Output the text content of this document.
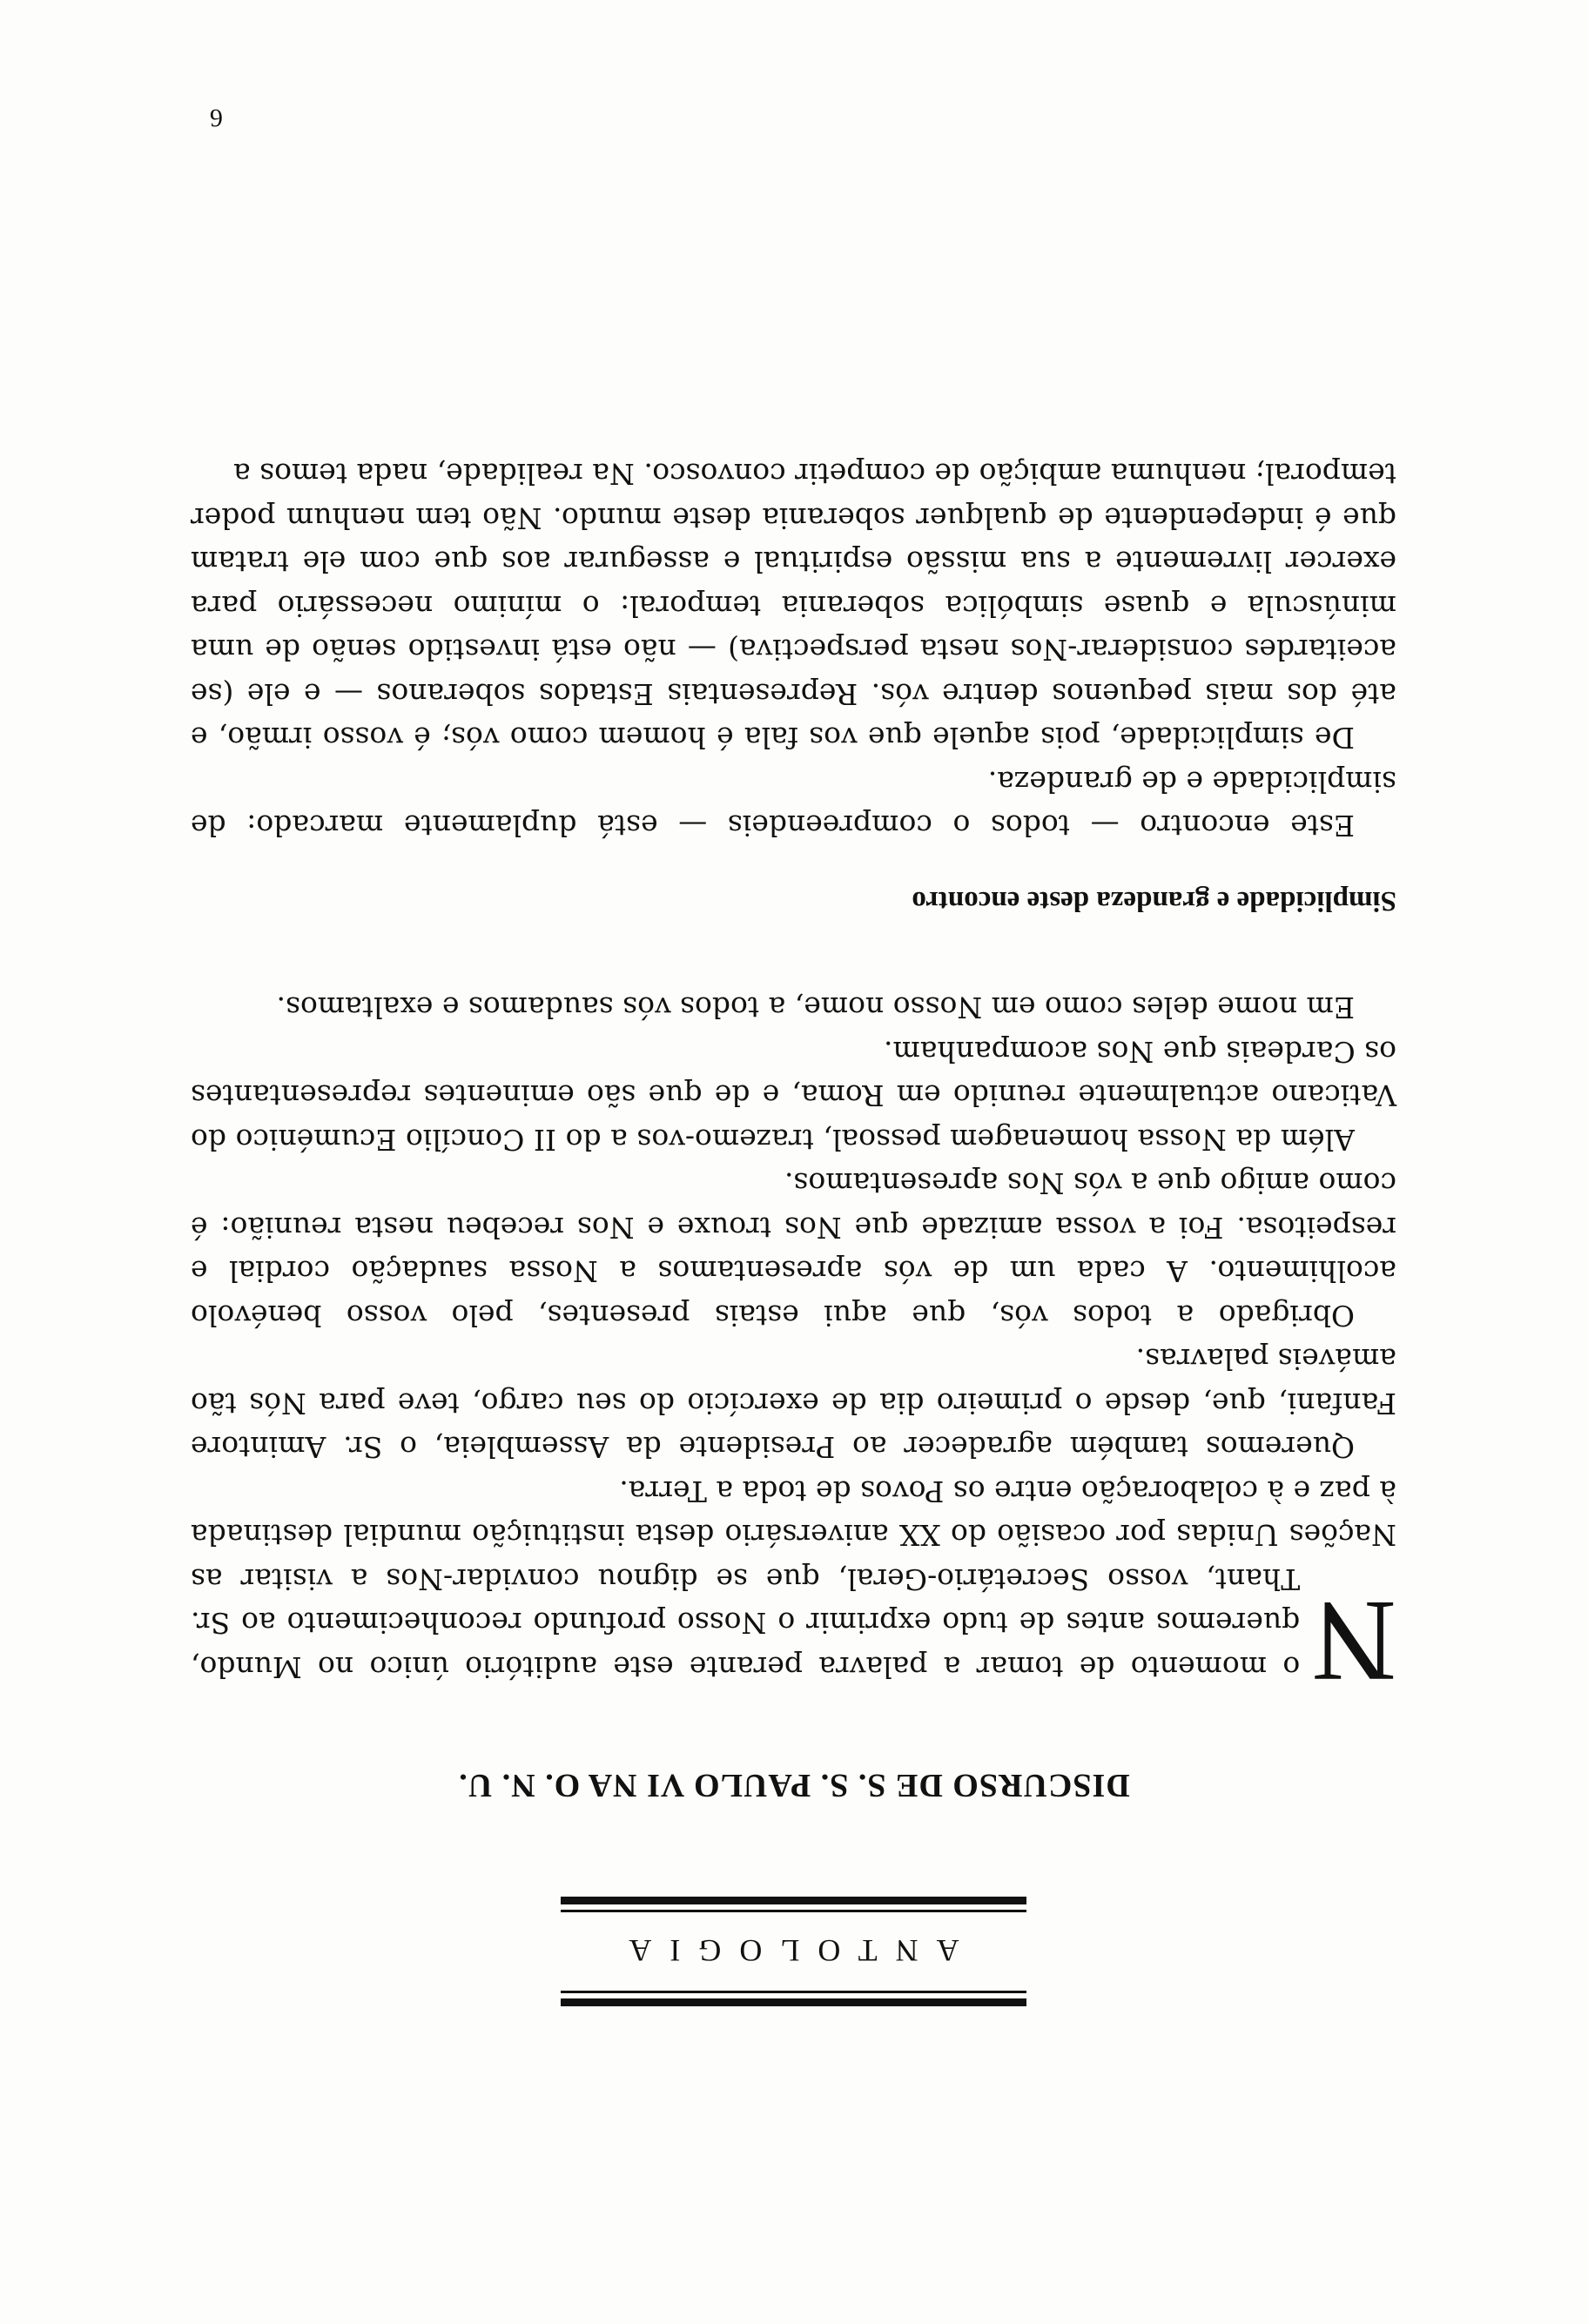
ANTOLOGIA
DISCURSO DE S. S. PAULO VI NA O. N. U.

N
o momento de tomar a palavra perante este auditório único no Mundo, queremos antes de tudo exprimir o Nosso profundo reconhecimento ao Sr. Thant, vosso Secretário-Geral, que se dignou convidar-Nos a visitar as Nações Unidas por ocasião do XX aniversário desta instituição mundial destinada à paz e à colaboração entre os Povos de toda a Terra.

Queremos também agradecer ao Presidente da Assembleia, o Sr. Amintore Fanfani, que, desde o primeiro dia de exercício do seu cargo, teve para Nós tão amáveis palavras.

Obrigado a todos vós, que aqui estais presentes, pelo vosso benévolo acolhimento. A cada um de vós apresentamos a Nossa saudação cordial e respeitosa. Foi a vossa amizade que Nos trouxe e Nos recebeu nesta reunião: é como amigo que a vós Nos apresentamos.

Além da Nossa homenagem pessoal, trazemo-vos a do II Concílio Ecuménico do Vaticano actualmente reunido em Roma, e de que são eminentes representantes os Cardeais que Nos acompanham.

Em nome deles como em Nosso nome, a todos vós saudamos e exaltamos.

Simplicidade e grandeza deste encontro

Este encontro — todos o compreendeis — está duplamente marcado: de simplicidade e de grandeza.

De simplicidade, pois aquele que vos fala é homem como vós; é vosso irmão, e até dos mais pequenos dentre vós. Representais Estados soberanos — e ele (se aceitardes considerar-Nos nesta perspectiva) — não está investido senão de uma minúscula e quase simbólica soberania temporal: o mínimo necessário para exercer livremente a sua missão espiritual e assegurar aos que com ele tratam que é independente de qualquer soberania deste mundo. Não tem nenhum poder temporal; nenhuma ambição de competir convosco. Na realidade, nada temos a

6
